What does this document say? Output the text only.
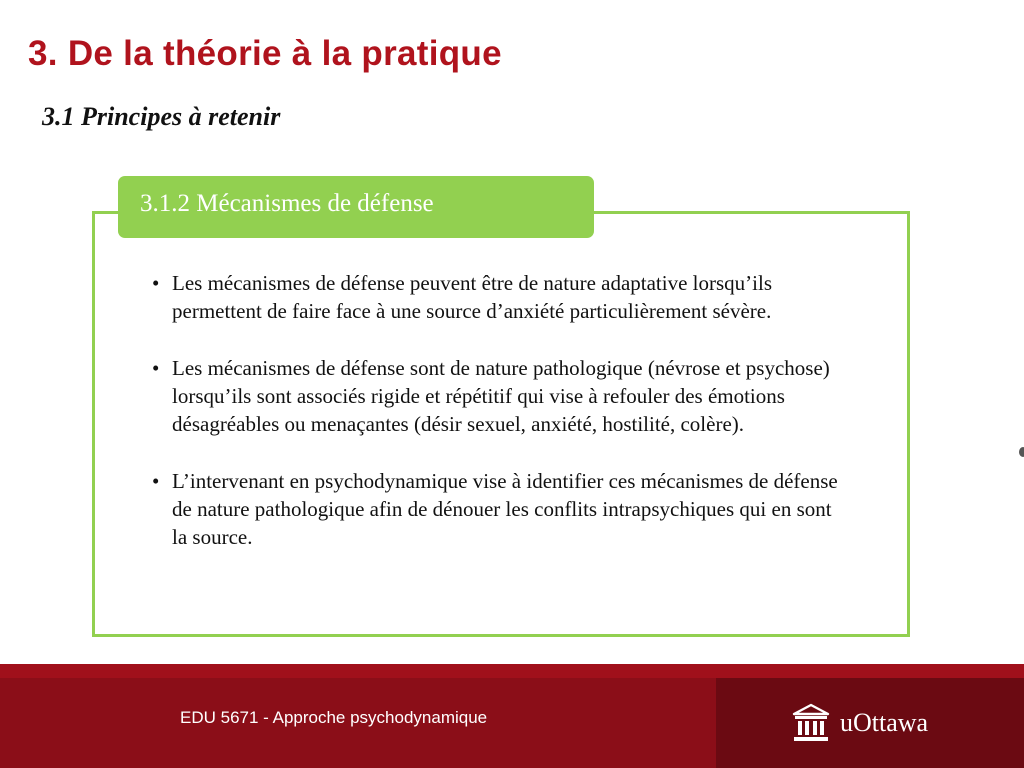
3. De la théorie à la pratique
3.1 Principes à retenir
3.1.2 Mécanismes de défense
• Les mécanismes de défense peuvent être de nature adaptative lorsqu’ils permettent de faire face à une source d’anxiété particulièrement sévère.
• Les mécanismes de défense sont de nature pathologique (névrose et psychose) lorsqu’ils sont associés rigide et répétitif qui vise à refouler des émotions désagréables ou menaçantes (désir sexuel, anxiété, hostilité, colère).
• L’intervenant en psychodynamique vise à identifier ces mécanismes de défense de nature pathologique afin de dénouer les conflits intrapsychiques qui en sont la source.
EDU 5671 - Approche psychodynamique	uOttawa
